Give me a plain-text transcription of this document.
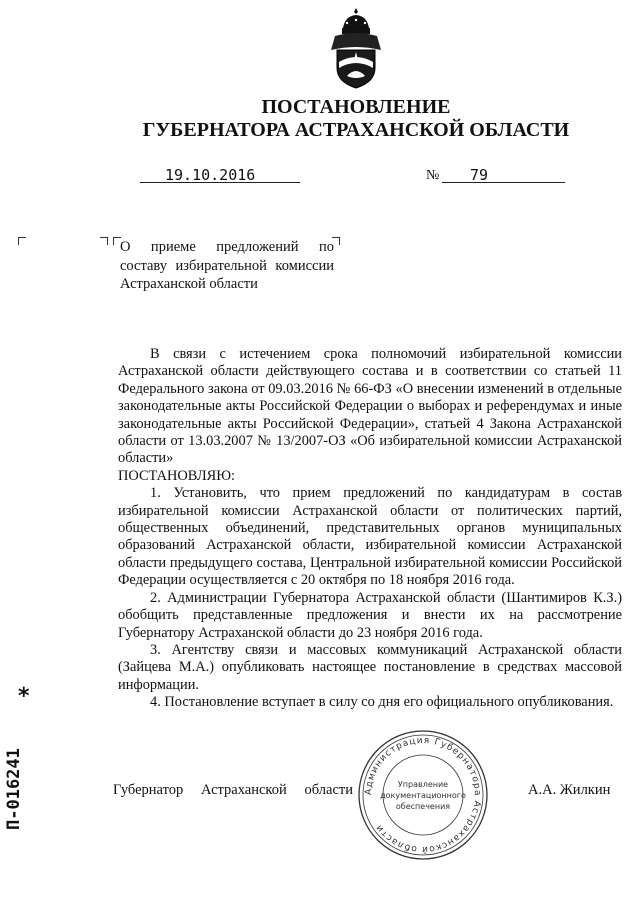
ПОСТАНОВЛЕНИЕ
ГУБЕРНАТОРА АСТРАХАНСКОЙ ОБЛАСТИ
19.10.2016	№ 79
О приеме предложений по составу избирательной комиссии Астраханской области

В связи с истечением срока полномочий избирательной комиссии Астраханской области действующего состава и в соответствии со статьей 11 Федерального закона от 09.03.2016 № 66-ФЗ «О внесении изменений в отдельные законодательные акты Российской Федерации о выборах и референдумах и иные законодательные акты Российской Федерации», статьей 4 Закона Астраханской области от 13.03.2007 № 13/2007-ОЗ «Об избирательной комиссии Астраханской области»

ПОСТАНОВЛЯЮ:

1. Установить, что прием предложений по кандидатурам в состав избирательной комиссии Астраханской области от политических партий, общественных объединений, представительных органов муниципальных образований Астраханской области, избирательной комиссии Астраханской области предыдущего состава, Центральной избирательной комиссии Российской Федерации осуществляется с 20 октября по 18 ноября 2016 года.

2. Администрации Губернатора Астраханской области (Шантимиров К.З.) обобщить представленные предложения и внести их на рассмотрение Губернатору Астраханской области до 23 ноября 2016 года.

3. Агентству связи и массовых коммуникаций Астраханской области (Зайцева М.А.) опубликовать настоящее постановление в средствах массовой информации.

4. Постановление вступает в силу со дня его официального опубликования.

Администрация Губернатора Астраханской области
Управление
документационного
обеспечения
Губернатор Астраханской области	А.А. Жилкин
*
П-016241
